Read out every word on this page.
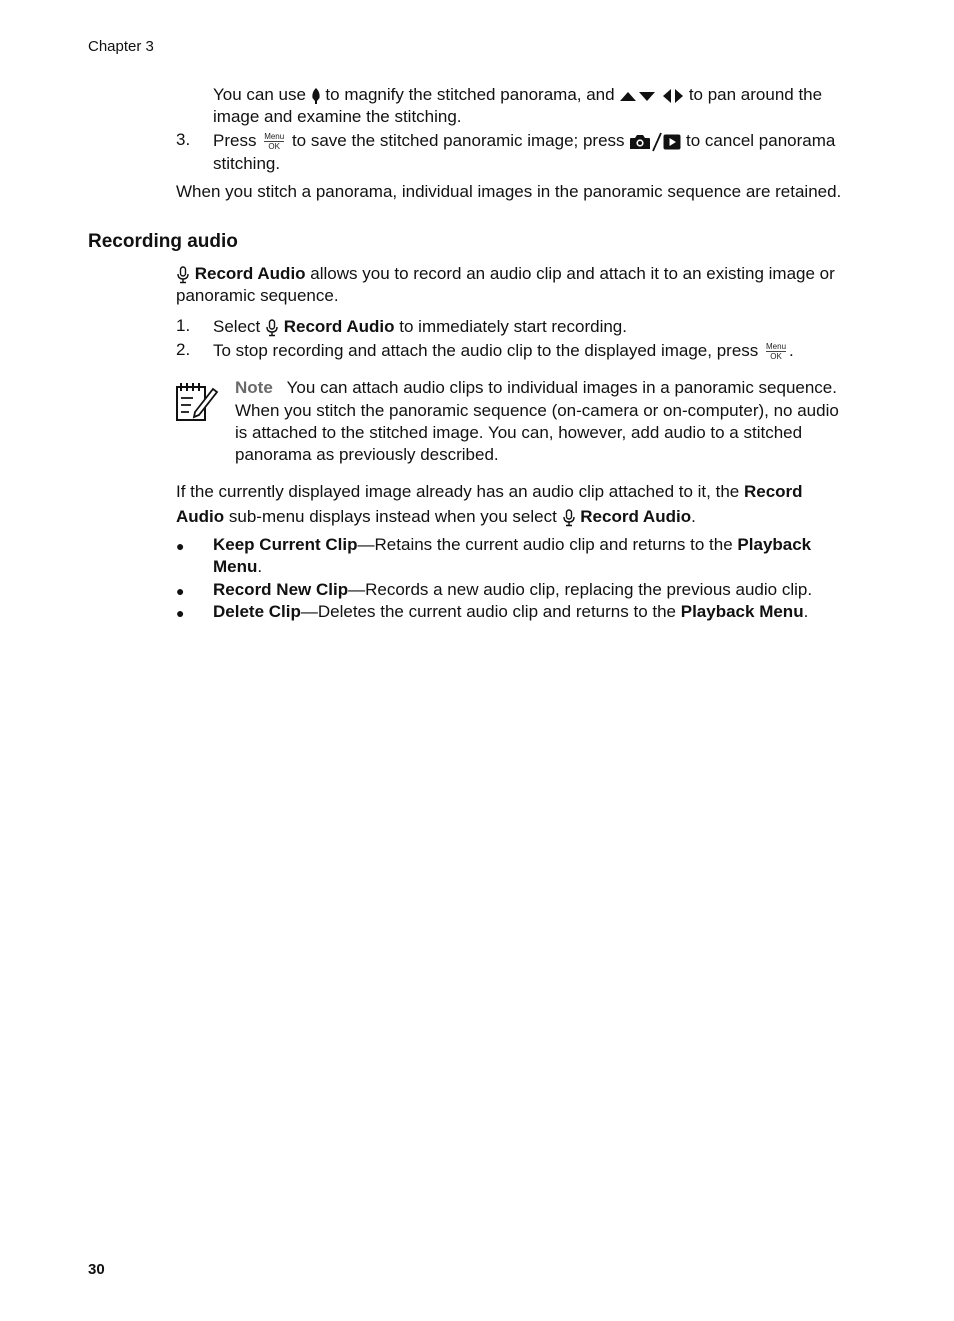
Chapter 3
You can use to magnify the stitched panorama, and	to pan around the
image and examine the stitching.
3. Press Menu
OK to save the stitched panoramic image; press	to cancel panorama
stitching.
When you stitch a panorama, individual images in the panoramic sequence are retained.
Recording audio
Record Audio allows you to record an audio clip and attach it to an existing image or
panoramic sequence.
1. Select Record Audio to immediately start recording.
2. To stop recording and attach the audio clip to the displayed image, press Menu
OK .
Note You can attach audio clips to individual images in a panoramic sequence.
When you stitch the panoramic sequence (on-camera or on-computer), no audio
is attached to the stitched image. You can, however, add audio to a stitched
panorama as previously described.
If the currently displayed image already has an audio clip attached to it, the Record
Audio sub-menu displays instead when you select Record Audio.
● Keep Current Clip—Retains the current audio clip and returns to the Playback
Menu.
● Record New Clip—Records a new audio clip, replacing the previous audio clip.
● Delete Clip—Deletes the current audio clip and returns to the Playback Menu.
30
